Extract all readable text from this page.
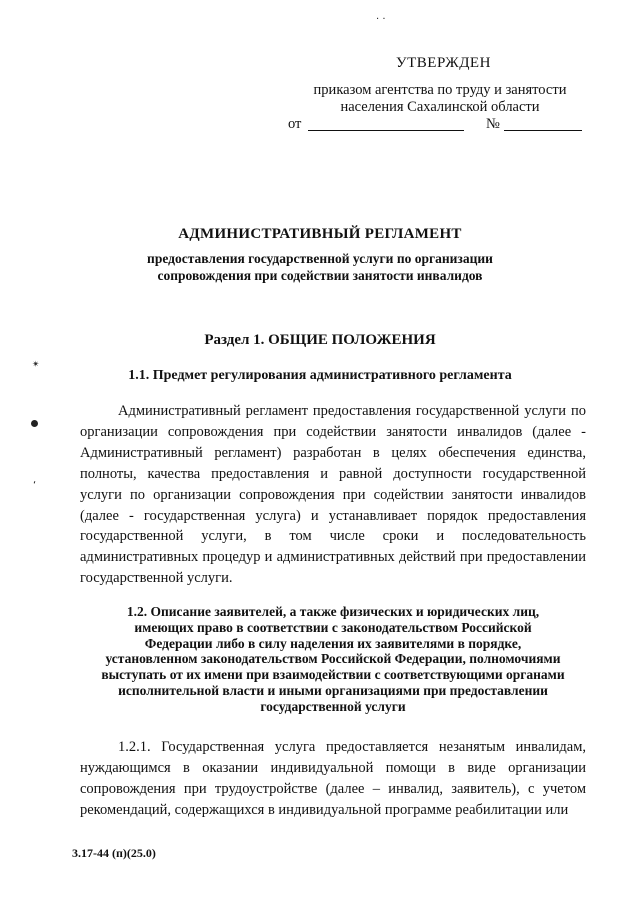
УТВЕРЖДЕН
приказом агентства по труду и занятости
населения Сахалинской области
от	№
АДМИНИСТРАТИВНЫЙ РЕГЛАМЕНТ
предоставления государственной услуги по организации
сопровождения при содействии занятости инвалидов
Раздел 1. ОБЩИЕ ПОЛОЖЕНИЯ
1.1. Предмет регулирования административного регламента
Административный регламент предоставления государственной услуги по организации сопровождения при содействии занятости инвалидов (далее - Административный регламент) разработан в целях обеспечения единства, полноты, качества предоставления и равной доступности государственной услуги по организации сопровождения при содействии занятости инвалидов (далее - государственная услуга) и устанавливает порядок предоставления государственной услуги, в том числе сроки и последовательность административных процедур и административных действий при предоставлении государственной услуги.
1.2. Описание заявителей, а также физических и юридических лиц,
имеющих право в соответствии с законодательством Российской
Федерации либо в силу наделения их заявителями в порядке,
установленном законодательством Российской Федерации, полномочиями
выступать от их имени при взаимодействии с соответствующими органами
исполнительной власти и иными организациями при предоставлении
государственной услуги
1.2.1. Государственная услуга предоставляется незанятым инвалидам, нуждающимся в оказании индивидуальной помощи в виде организации сопровождения при трудоустройстве (далее – инвалид, заявитель), с учетом рекомендаций, содержащихся в индивидуальной программе реабилитации или
3.17-44 (п)(25.0)
✴
‘
· ·
